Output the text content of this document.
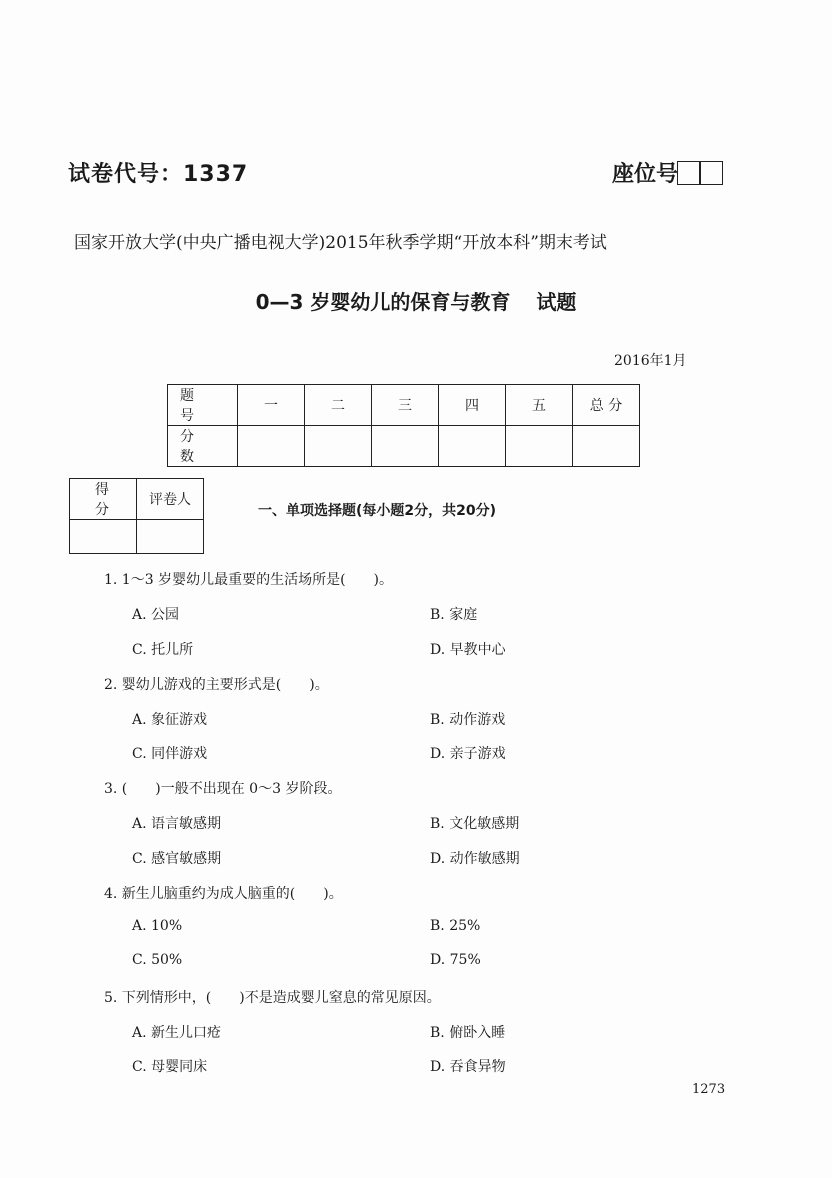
试卷代号：1337	座位号
国家开放大学(中央广播电视大学)2015年秋季学期“开放本科”期末考试
0—3 岁婴幼儿的保育与教育 试题
2016年1月
题 号	一	二	三	四	五	总 分
分 数						
得 分	评卷人

一、单项选择题(每小题2分，共20分)
1. 1～3 岁婴幼儿最重要的生活场所是(　　)。
A. 公园	B. 家庭
C. 托儿所	D. 早教中心
2. 婴幼儿游戏的主要形式是(　　)。
A. 象征游戏	B. 动作游戏
C. 同伴游戏	D. 亲子游戏
3. (　　)一般不出现在 0～3 岁阶段。
A. 语言敏感期	B. 文化敏感期
C. 感官敏感期	D. 动作敏感期
4. 新生儿脑重约为成人脑重的(　　)。
A. 10%	B. 25%
C. 50%	D. 75%
5. 下列情形中，(　　)不是造成婴儿窒息的常见原因。
A. 新生儿口疮	B. 俯卧入睡
C. 母婴同床	D. 吞食异物
1273
